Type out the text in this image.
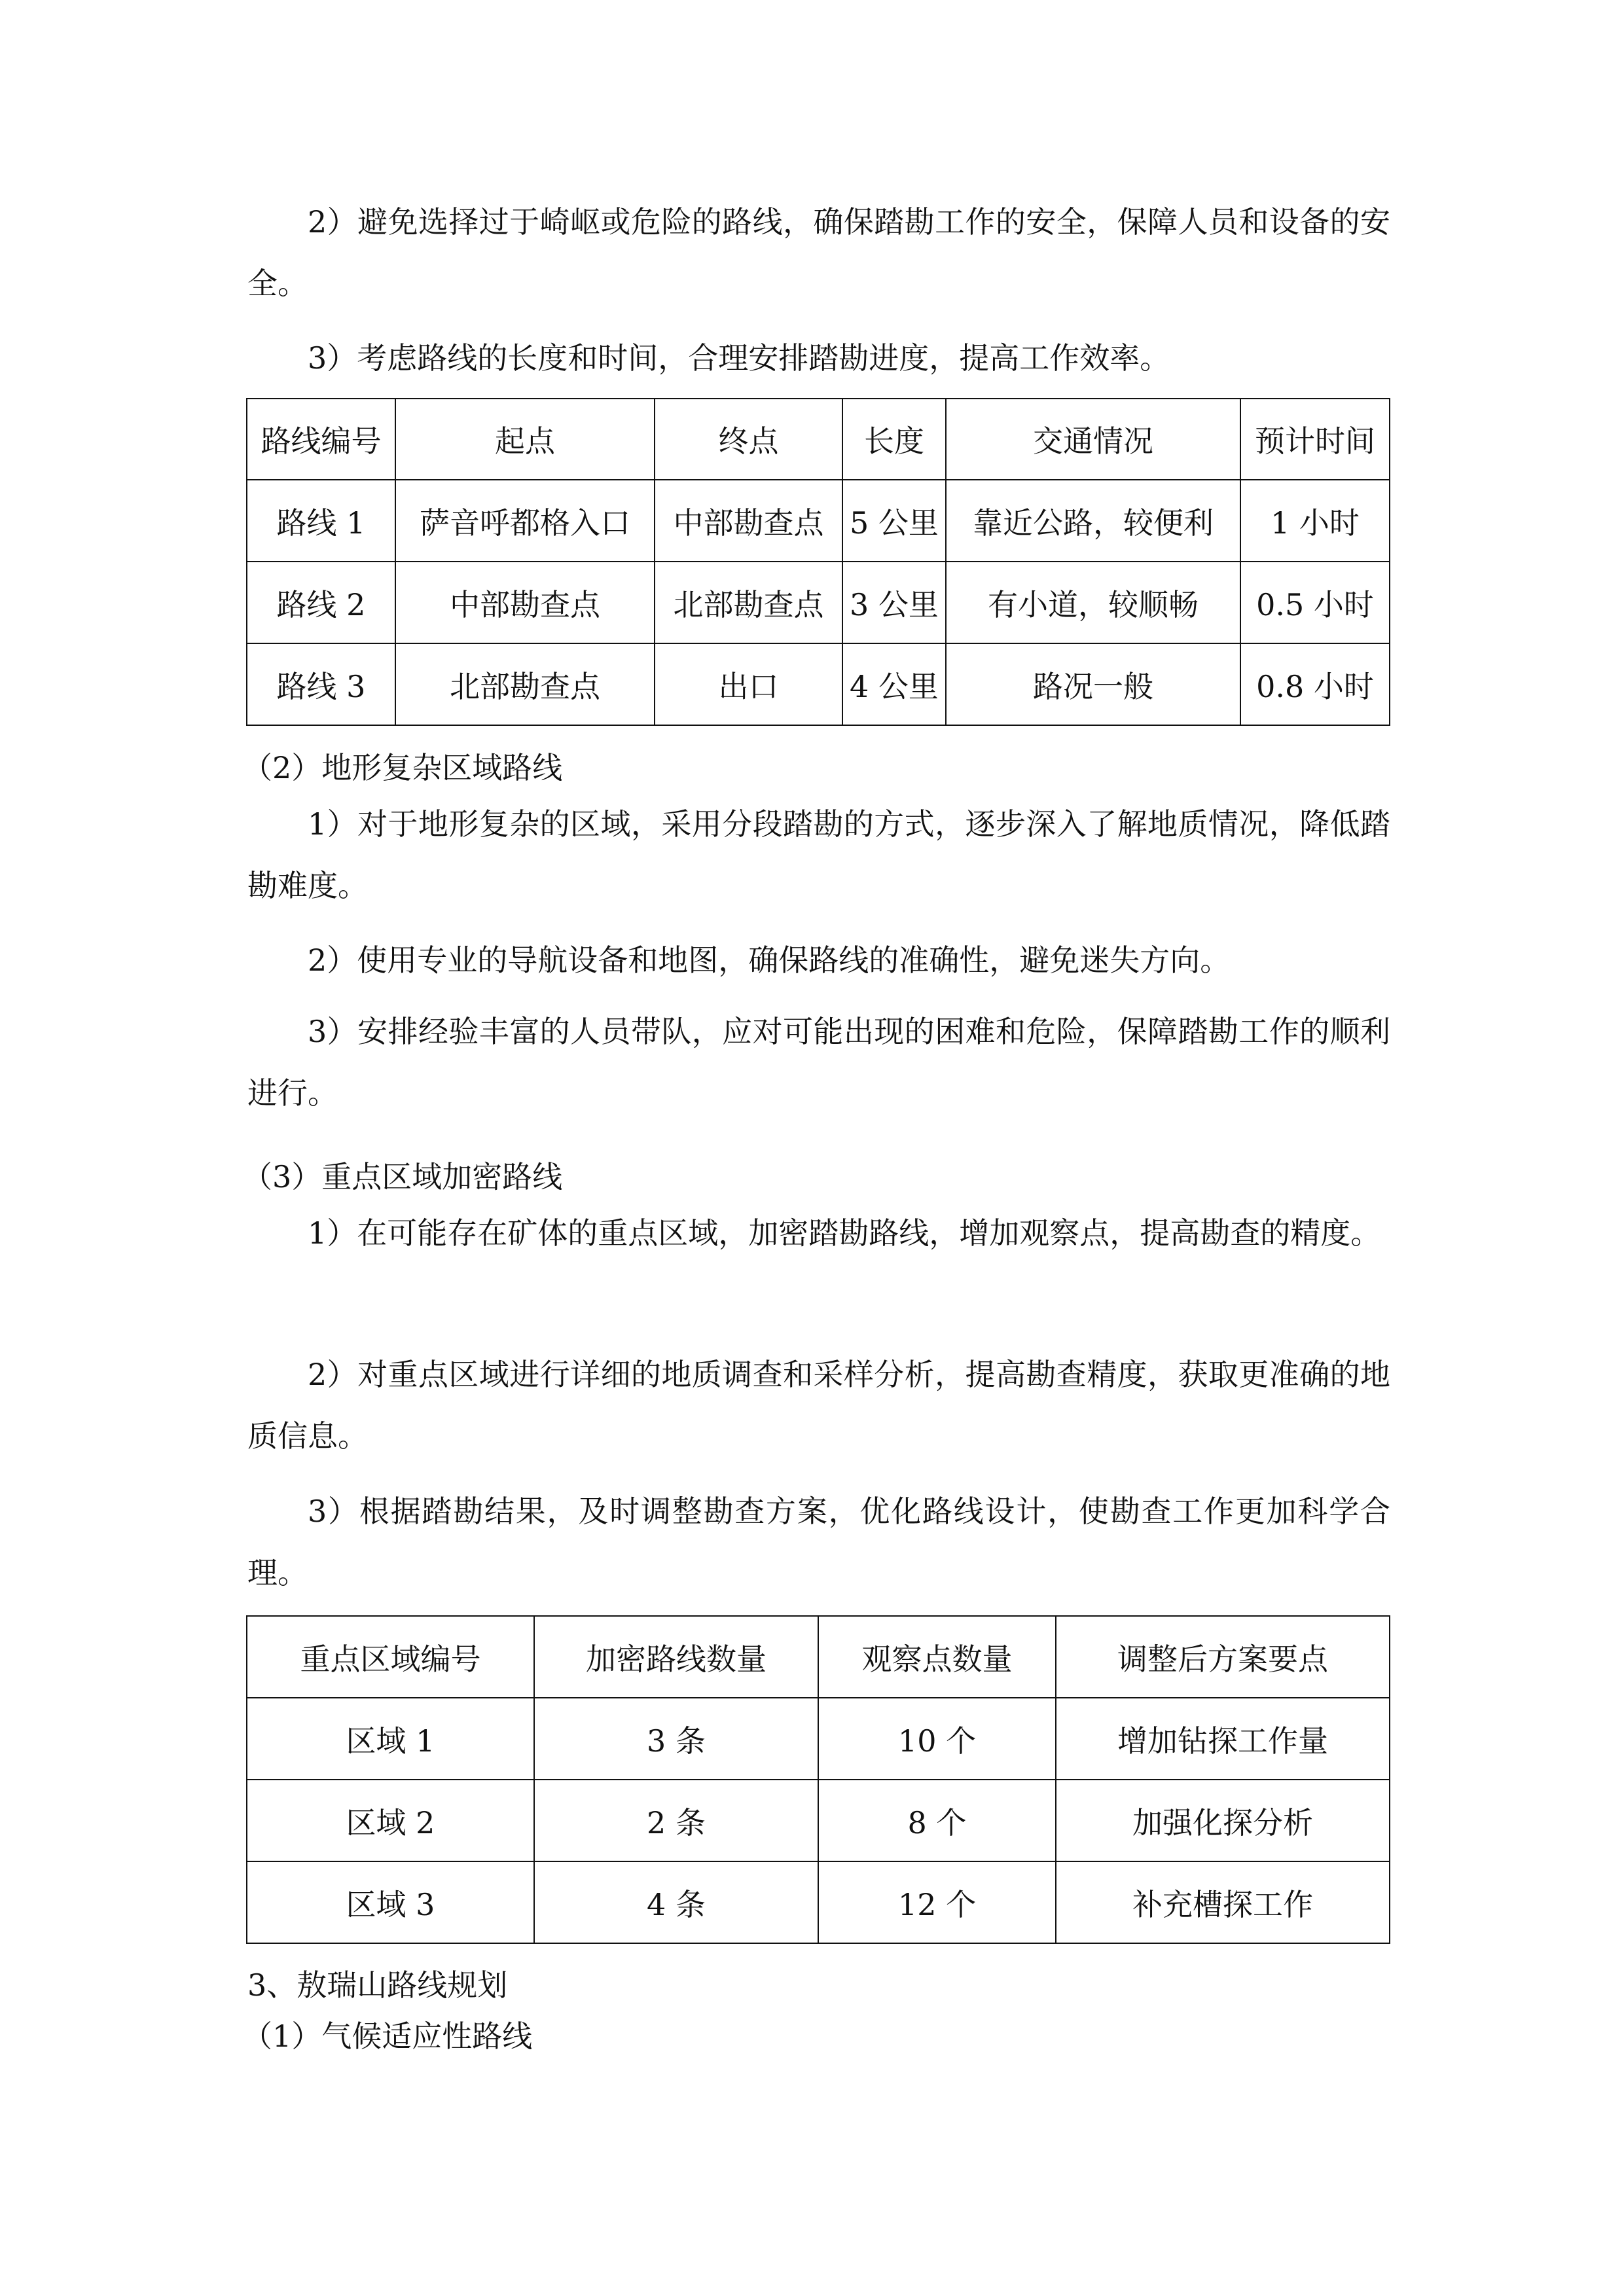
2）避免选择过于崎岖或危险的路线，确保踏勘工作的安全，保障人员和设备的安全。

3）考虑路线的长度和时间，合理安排踏勘进度，提高工作效率。

路线编号	起点	终点	长度	交通情况	预计时间
路线 1	萨音呼都格入口	中部勘查点	5 公里	靠近公路，较便利	1 小时
路线 2	中部勘查点	北部勘查点	3 公里	有小道，较顺畅	0.5 小时
路线 3	北部勘查点	出口	4 公里	路况一般	0.8 小时

（2）地形复杂区域路线

1）对于地形复杂的区域，采用分段踏勘的方式，逐步深入了解地质情况，降低踏勘难度。

2）使用专业的导航设备和地图，确保路线的准确性，避免迷失方向。

3）安排经验丰富的人员带队，应对可能出现的困难和危险，保障踏勘工作的顺利进行。

（3）重点区域加密路线

1）在可能存在矿体的重点区域，加密踏勘路线，增加观察点，提高勘查的精度。

2）对重点区域进行详细的地质调查和采样分析，提高勘查精度，获取更准确的地质信息。

3）根据踏勘结果，及时调整勘查方案，优化路线设计，使勘查工作更加科学合理。

重点区域编号	加密路线数量	观察点数量	调整后方案要点
区域 1	3 条	10 个	增加钻探工作量
区域 2	2 条	8 个	加强化探分析
区域 3	4 条	12 个	补充槽探工作

3、敖瑞山路线规划

（1）气候适应性路线
